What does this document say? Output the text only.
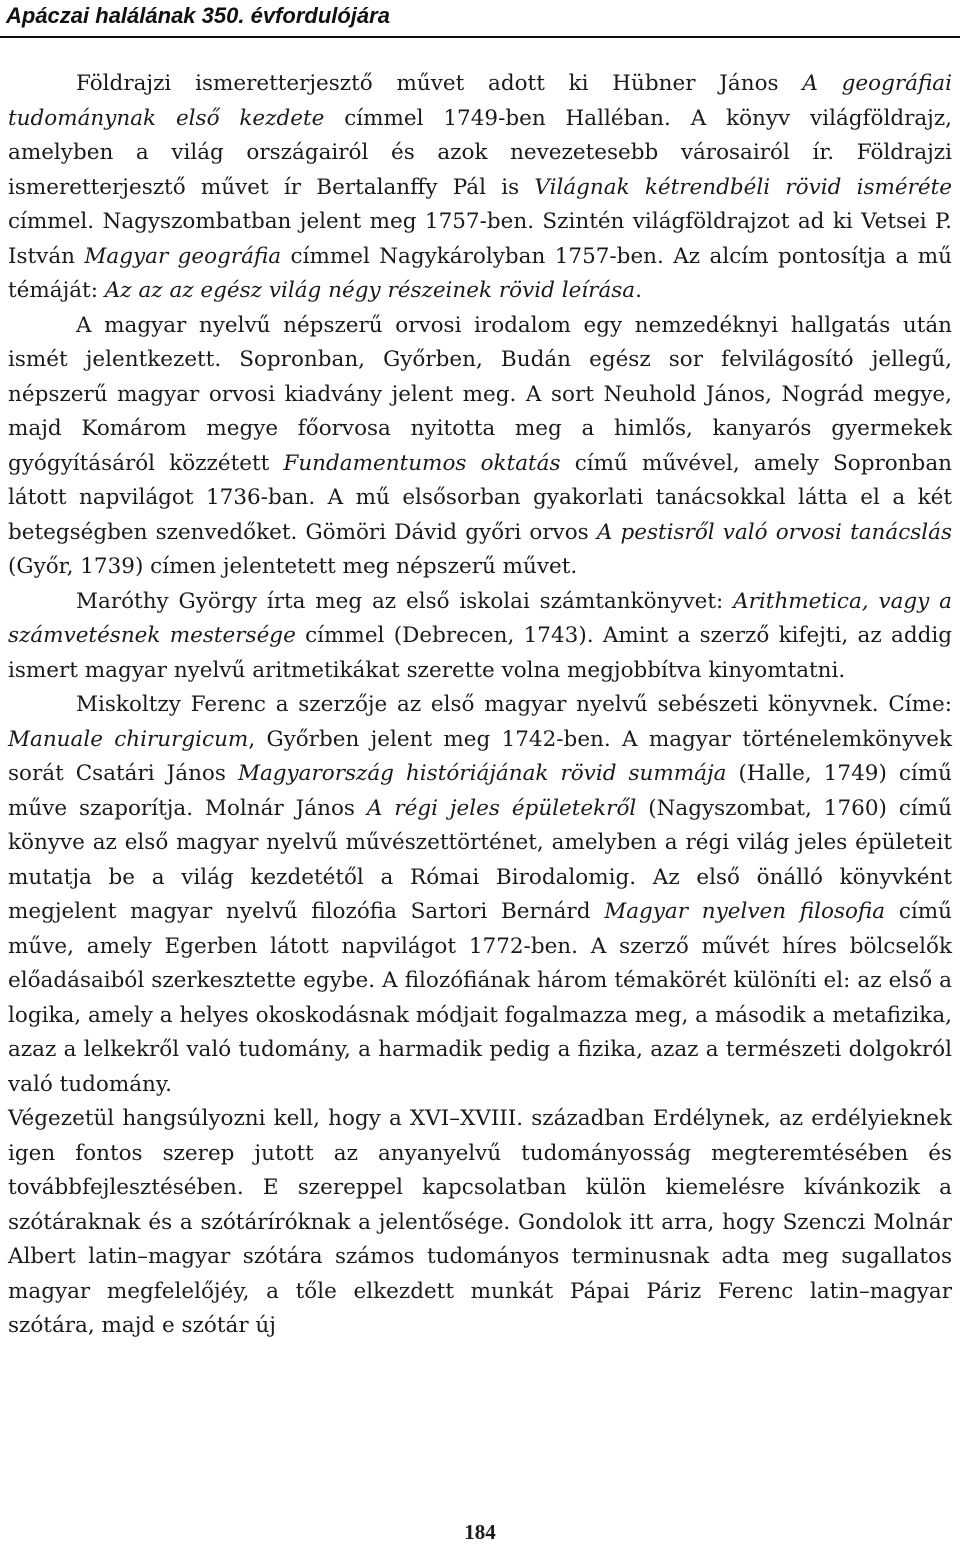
Apáczai halálának 350. évfordulójára

Földrajzi ismeretterjesztő művet adott ki Hübner János A geográfiai tudománynak első kezdete címmel 1749-ben Halléban. A könyv világföldrajz, amelyben a világ országairól és azok nevezetesebb városairól ír. Földrajzi ismeretterjesztő művet ír Bertalanffy Pál is Világnak kétrendbéli rövid isméréte címmel. Nagyszombatban jelent meg 1757-ben. Szintén világföldrajzot ad ki Vetsei P. István Magyar geográfia címmel Nagykárolyban 1757-ben. Az alcím pontosítja a mű témáját: Az az az egész világ négy részeinek rövid leírása.

A magyar nyelvű népszerű orvosi irodalom egy nemzedéknyi hallgatás után ismét jelentkezett. Sopronban, Győrben, Budán egész sor felvilágosító jellegű, népszerű magyar orvosi kiadvány jelent meg. A sort Neuhold János, Nográd megye, majd Komárom megye főorvosa nyitotta meg a himlős, kanyarós gyermekek gyógyításáról közzétett Fundamentumos oktatás című művével, amely Sopronban látott napvilágot 1736-ban. A mű elsősorban gyakorlati tanácsokkal látta el a két betegségben szenvedőket. Gömöri Dávid győri orvos A pestisről való orvosi tanácslás (Győr, 1739) címen jelentetett meg népszerű művet.

Maróthy György írta meg az első iskolai számtankönyvet: Arithmetica, vagy a számvetésnek mestersége címmel (Debrecen, 1743). Amint a szerző kifejti, az addig ismert magyar nyelvű aritmetikákat szerette volna megjobbítva kinyomtatni.

Miskoltzy Ferenc a szerzője az első magyar nyelvű sebészeti könyvnek. Címe: Manuale chirurgicum, Győrben jelent meg 1742-ben. A magyar történelemkönyvek sorát Csatári János Magyarország históriájának rövid summája (Halle, 1749) című műve szaporítja. Molnár János A régi jeles épületekről (Nagyszombat, 1760) című könyve az első magyar nyelvű művészettörténet, amelyben a régi világ jeles épületeit mutatja be a világ kezdetétől a Római Birodalomig. Az első önálló könyvként megjelent magyar nyelvű filozófia Sartori Bernárd Magyar nyelven filosofia című műve, amely Egerben látott napvilágot 1772-ben. A szerző művét híres bölcselők előadásaiból szerkesztette egybe. A filozófiának három témakörét különíti el: az első a logika, amely a helyes okoskodásnak módjait fogalmazza meg, a második a metafizika, azaz a lelkekről való tudomány, a harmadik pedig a fizika, azaz a természeti dolgokról való tudomány.

Végezetül hangsúlyozni kell, hogy a XVI–XVIII. században Erdélynek, az erdélyieknek igen fontos szerep jutott az anyanyelvű tudományosság megteremtésében és továbbfejlesztésében. E szereppel kapcsolatban külön kiemelésre kívánkozik a szótáraknak és a szótáríróknak a jelentősége. Gondolok itt arra, hogy Szenczi Molnár Albert latin–magyar szótára számos tudományos terminusnak adta meg sugallatos magyar megfelelőjéy, a tőle elkezdett munkát Pápai Páriz Ferenc latin–magyar szótára, majd e szótár új

184
